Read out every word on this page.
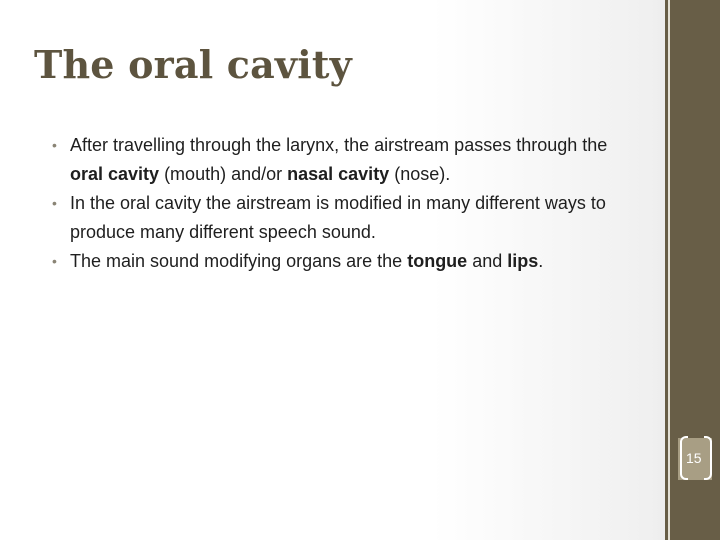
The oral cavity
• After travelling through the larynx, the airstream passes through the oral cavity (mouth) and/or nasal cavity (nose).
• In the oral cavity the airstream is modified in many different ways to produce many different speech sound.
• The main sound modifying organs are the tongue and lips.
15
